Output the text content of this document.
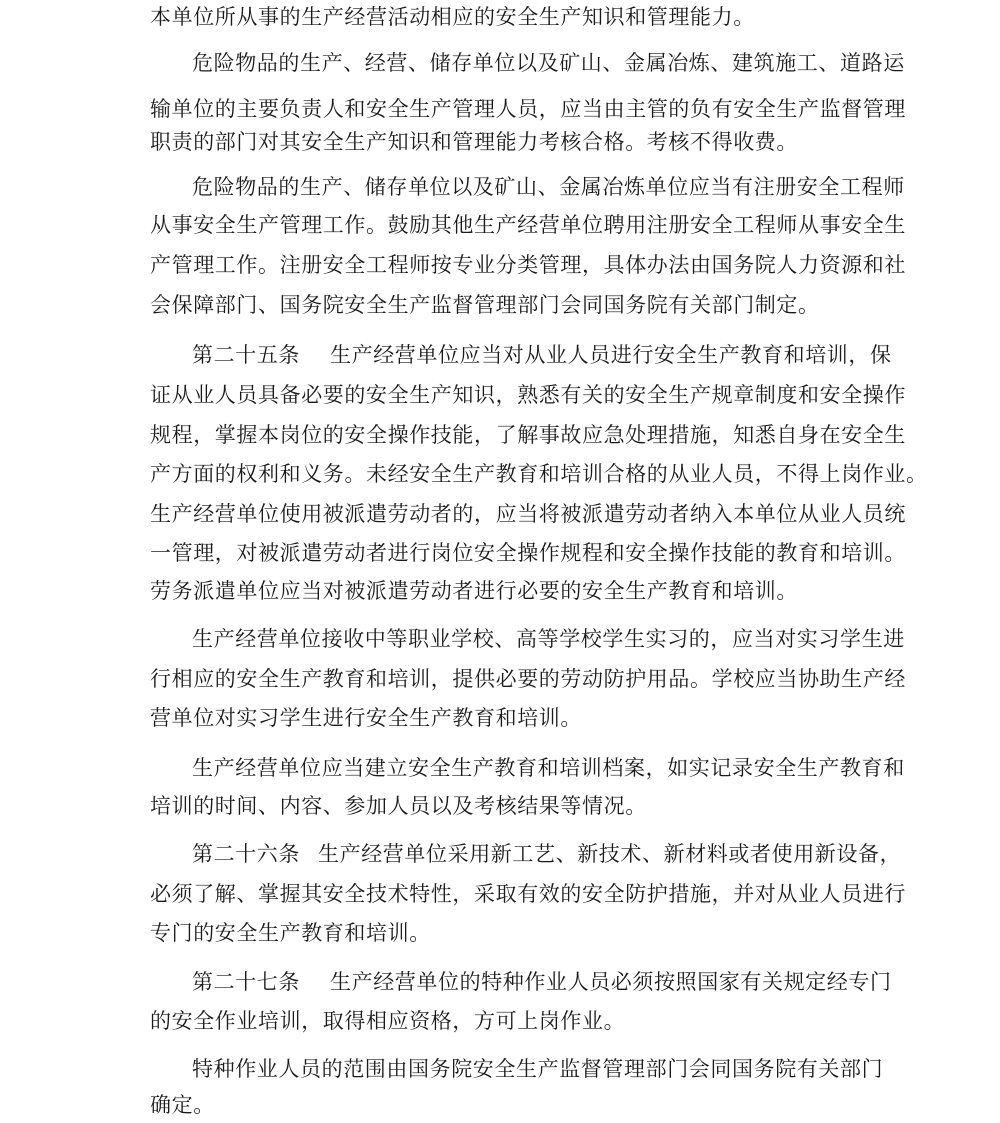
本单位所从事的生产经营活动相应的安全生产知识和管理能力。
危险物品的生产、经营、储存单位以及矿山、金属冶炼、建筑施工、道路运
输单位的主要负责人和安全生产管理人员，应当由主管的负有安全生产监督管理
职责的部门对其安全生产知识和管理能力考核合格。考核不得收费。
危险物品的生产、储存单位以及矿山、金属冶炼单位应当有注册安全工程师
从事安全生产管理工作。鼓励其他生产经营单位聘用注册安全工程师从事安全生
产管理工作。注册安全工程师按专业分类管理，具体办法由国务院人力资源和社
会保障部门、国务院安全生产监督管理部门会同国务院有关部门制定。
第二十五条 生产经营单位应当对从业人员进行安全生产教育和培训，保
证从业人员具备必要的安全生产知识，熟悉有关的安全生产规章制度和安全操作
规程，掌握本岗位的安全操作技能，了解事故应急处理措施，知悉自身在安全生
产方面的权利和义务。未经安全生产教育和培训合格的从业人员，不得上岗作业。
生产经营单位使用被派遣劳动者的，应当将被派遣劳动者纳入本单位从业人员统
一管理，对被派遣劳动者进行岗位安全操作规程和安全操作技能的教育和培训。
劳务派遣单位应当对被派遣劳动者进行必要的安全生产教育和培训。
生产经营单位接收中等职业学校、高等学校学生实习的，应当对实习学生进
行相应的安全生产教育和培训，提供必要的劳动防护用品。学校应当协助生产经
营单位对实习学生进行安全生产教育和培训。
生产经营单位应当建立安全生产教育和培训档案，如实记录安全生产教育和
培训的时间、内容、参加人员以及考核结果等情况。
第二十六条 生产经营单位采用新工艺、新技术、新材料或者使用新设备，
必须了解、掌握其安全技术特性，采取有效的安全防护措施，并对从业人员进行
专门的安全生产教育和培训。
第二十七条 生产经营单位的特种作业人员必须按照国家有关规定经专门
的安全作业培训，取得相应资格，方可上岗作业。
特种作业人员的范围由国务院安全生产监督管理部门会同国务院有关部门
确定。
